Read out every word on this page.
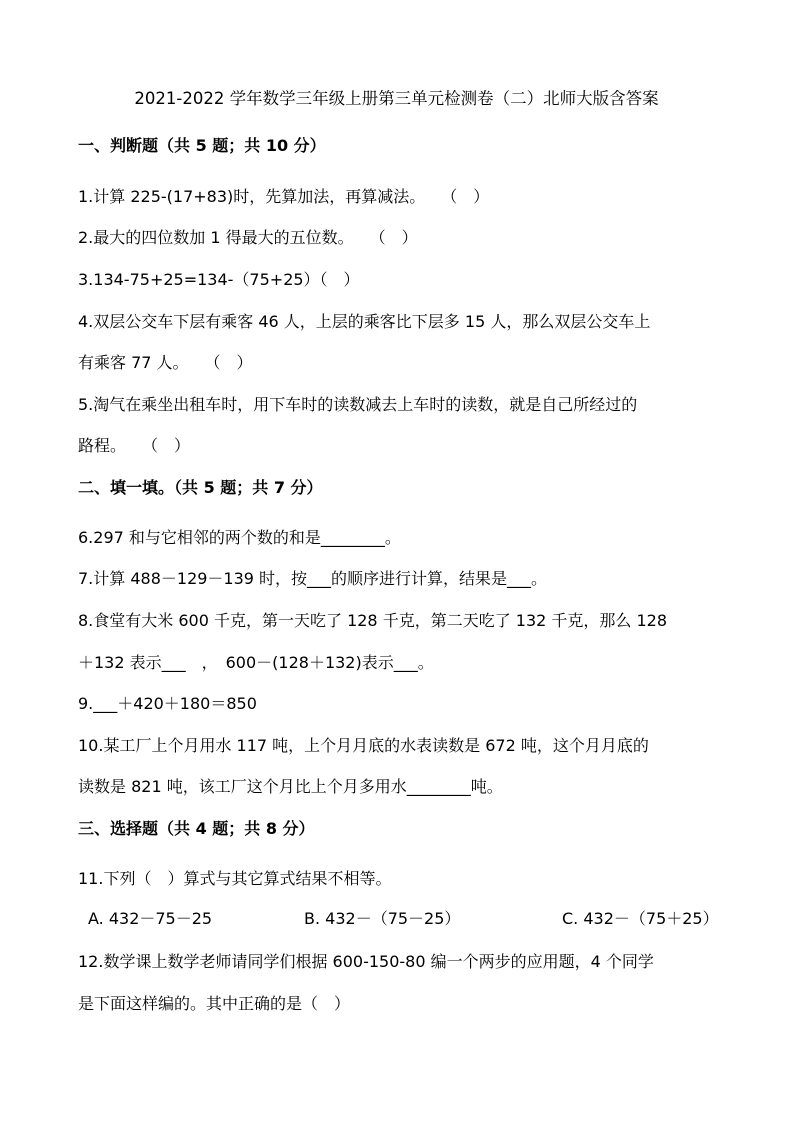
2021-2022 学年数学三年级上册第三单元检测卷（二）北师大版含答案
一、判断题（共 5 题；共 10 分）
1.计算 225-(17+83)时，先算加法，再算减法。　　（　）
2.最大的四位数加 1 得最大的五位数。　　（　）
3.134-75+25=134-（75+25）（　）
4.双层公交车下层有乘客 46 人，上层的乘客比下层多 15 人，那么双层公交车上
有乘客 77 人。　　（　）
5.淘气在乘坐出租车时，用下车时的读数减去上车时的读数，就是自己所经过的
路程。　　（　）
二、填一填。（共 5 题；共 7 分）
6.297 和与它相邻的两个数的和是________。
7.计算 488－129－139 时，按___的顺序进行计算，结果是___。
8.食堂有大米 600 千克，第一天吃了 128 千克，第二天吃了 132 千克，那么 128
＋132 表示___　，　600－(128＋132)表示___。
9.___＋420＋180＝850
10.某工厂上个月用水 117 吨，上个月月底的水表读数是 672 吨，这个月月底的
读数是 821 吨，该工厂这个月比上个月多用水________吨。
三、选择题（共 4 题；共 8 分）
11.下列（　）算式与其它算式结果不相等。
A. 432－75－25	B. 432－（75－25）	C. 432－（75＋25）
12.数学课上数学老师请同学们根据 600-150-80 编一个两步的应用题，4 个同学
是下面这样编的。其中正确的是（　）
